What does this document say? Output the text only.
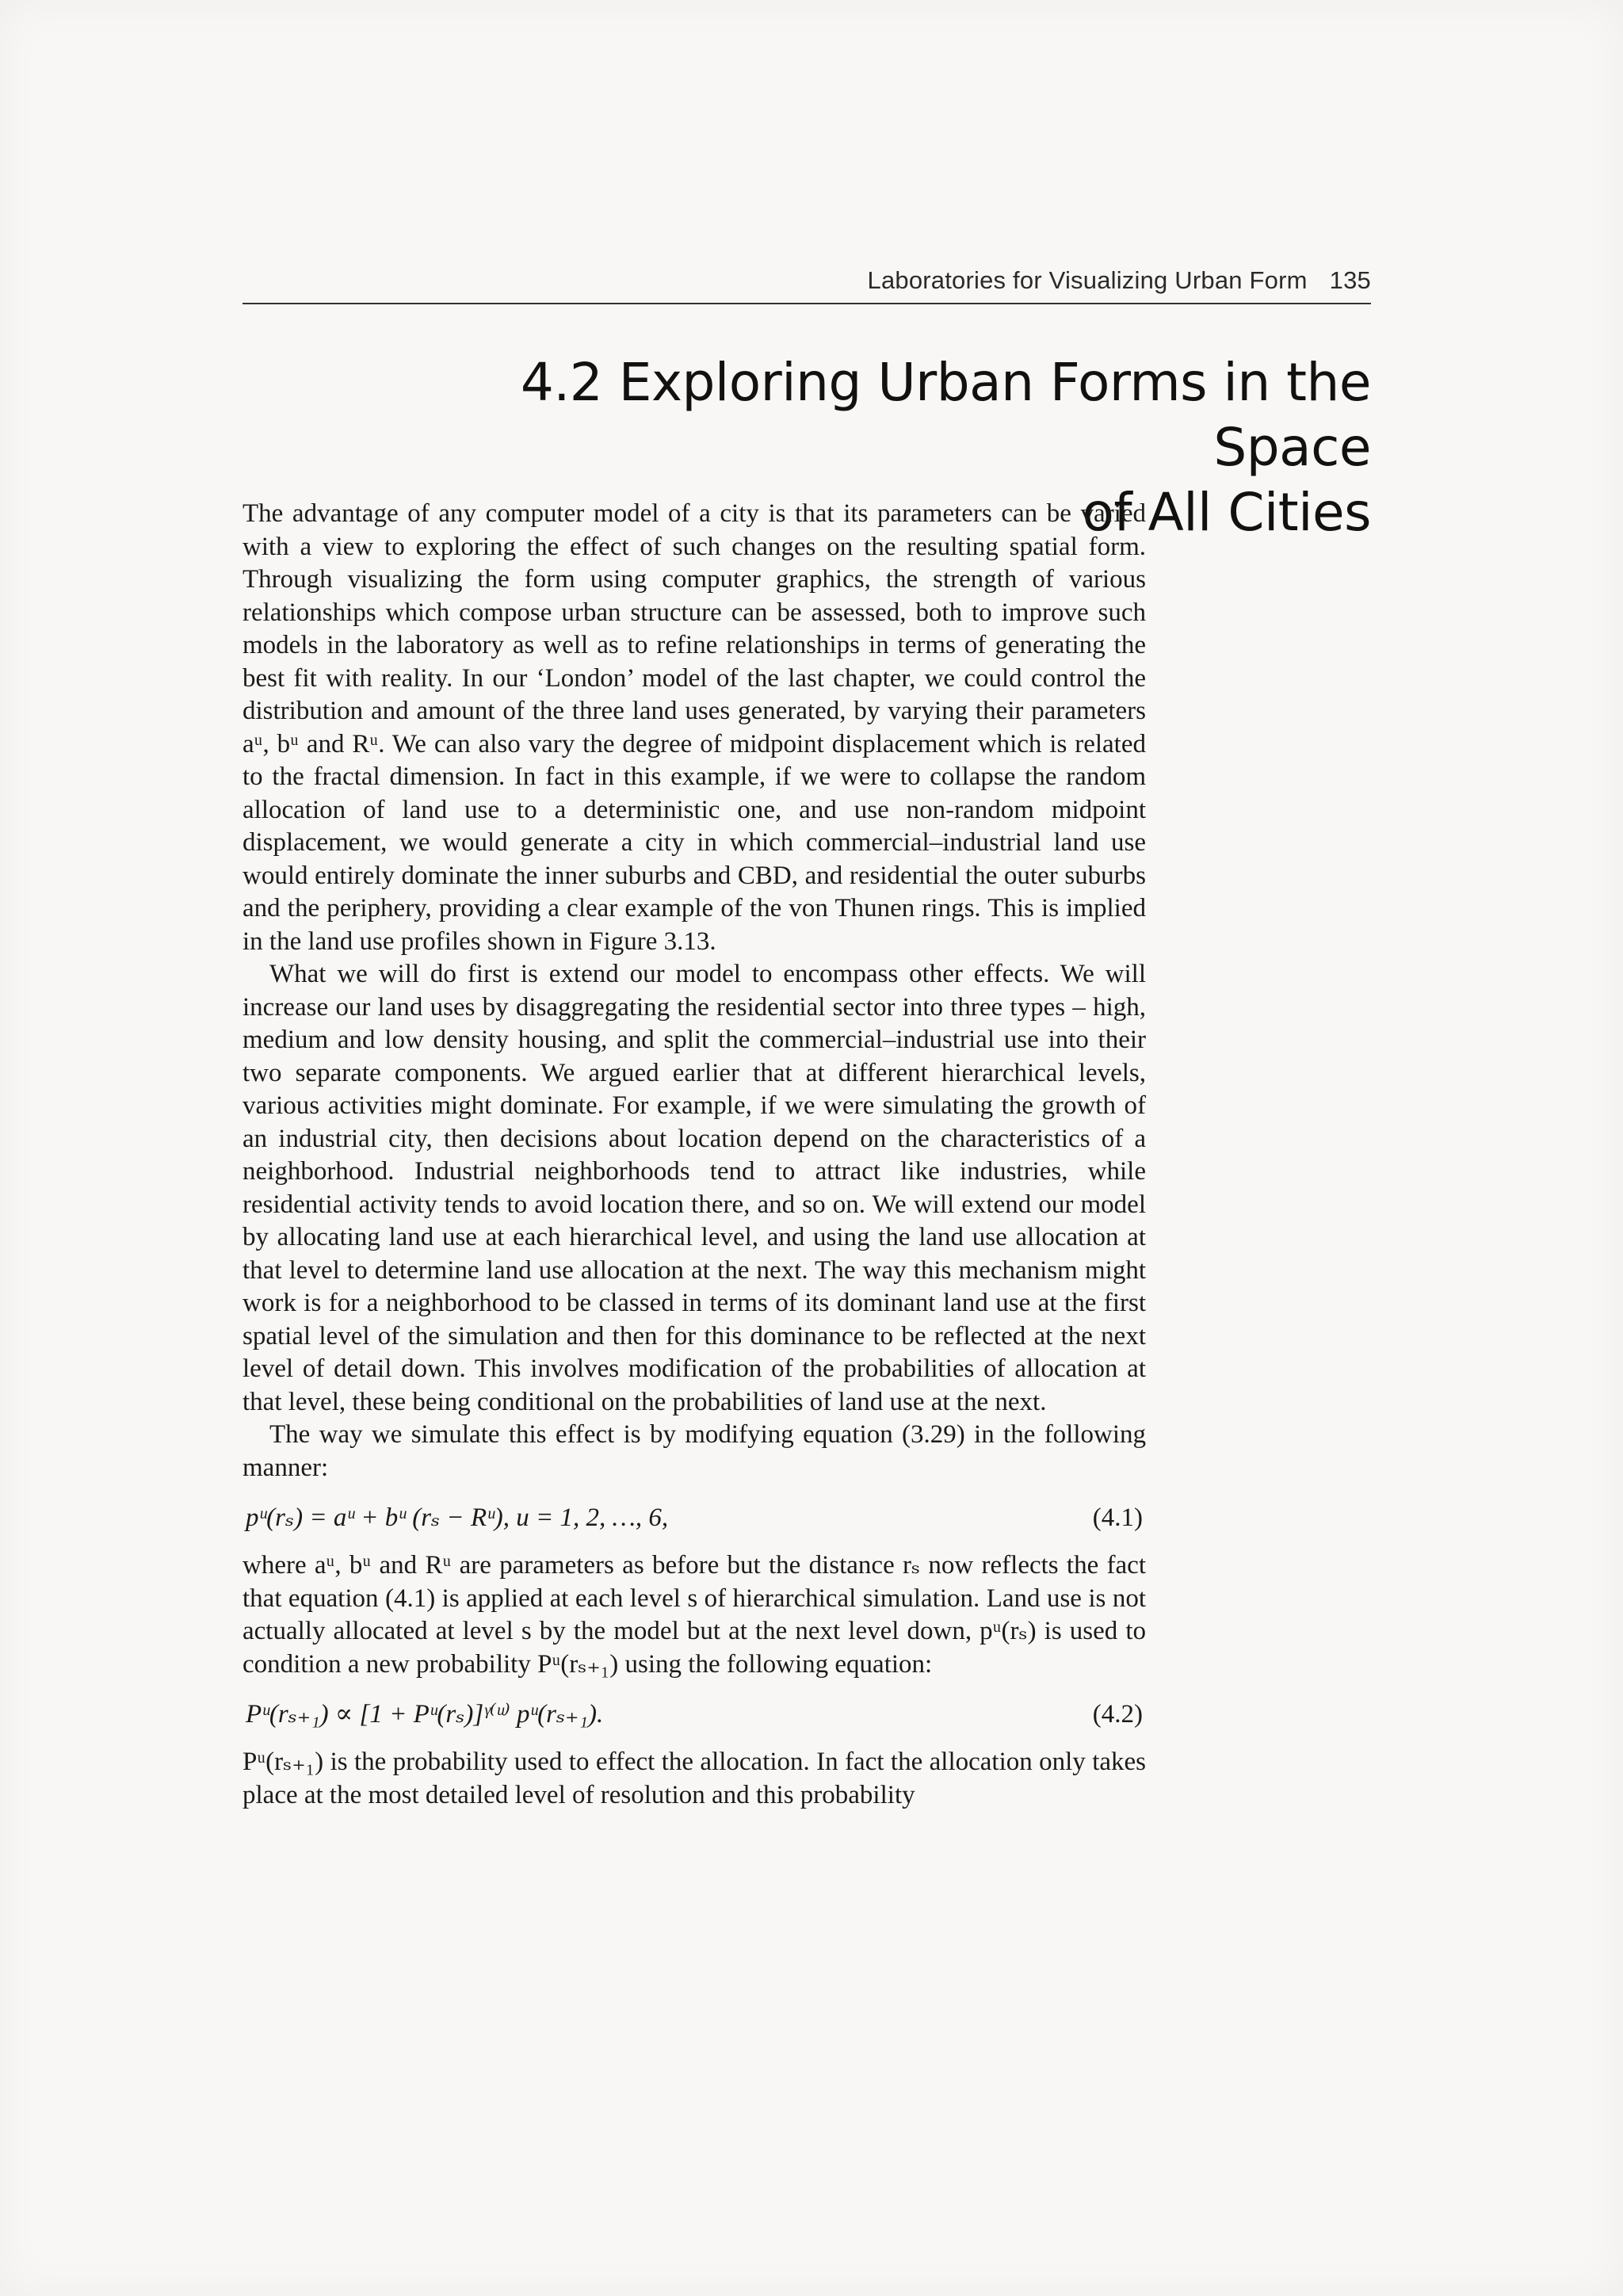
Laboratories for Visualizing Urban Form 135
4.2 Exploring Urban Forms in the Space
of All Cities

The advantage of any computer model of a city is that its parameters can be varied with a view to exploring the effect of such changes on the resulting spatial form. Through visualizing the form using computer graphics, the strength of various relationships which compose urban structure can be assessed, both to improve such models in the laboratory as well as to refine relationships in terms of generating the best fit with reality. In our ‘London’ model of the last chapter, we could control the distribution and amount of the three land uses generated, by varying their parameters aᵘ, bᵘ and Rᵘ. We can also vary the degree of midpoint displacement which is related to the fractal dimension. In fact in this example, if we were to collapse the random allocation of land use to a deterministic one, and use non-random midpoint displacement, we would generate a city in which commercial–industrial land use would entirely dominate the inner suburbs and CBD, and residential the outer suburbs and the periphery, providing a clear example of the von Thunen rings. This is implied in the land use profiles shown in Figure 3.13.

What we will do first is extend our model to encompass other effects. We will increase our land uses by disaggregating the residential sector into three types – high, medium and low density housing, and split the commercial–industrial use into their two separate components. We argued earlier that at different hierarchical levels, various activities might dominate. For example, if we were simulating the growth of an industrial city, then decisions about location depend on the characteristics of a neighborhood. Industrial neighborhoods tend to attract like industries, while residential activity tends to avoid location there, and so on. We will extend our model by allocating land use at each hierarchical level, and using the land use allocation at that level to determine land use allocation at the next. The way this mechanism might work is for a neighborhood to be classed in terms of its dominant land use at the first spatial level of the simulation and then for this dominance to be reflected at the next level of detail down. This involves modification of the probabilities of allocation at that level, these being conditional on the probabilities of land use at the next.

The way we simulate this effect is by modifying equation (3.29) in the following manner:

pᵘ(rₛ) = aᵘ + bᵘ (rₛ − Rᵘ), u = 1, 2, …, 6,	(4.1)

where aᵘ, bᵘ and Rᵘ are parameters as before but the distance rₛ now reflects the fact that equation (4.1) is applied at each level s of hierarchical simulation. Land use is not actually allocated at level s by the model but at the next level down, pᵘ(rₛ) is used to condition a new probability Pᵘ(rₛ₊₁) using the following equation:

Pᵘ(rₛ₊₁) ∝ [1 + Pᵘ(rₛ)]ᵞ⁽ᵘ⁾ pᵘ(rₛ₊₁).	(4.2)

Pᵘ(rₛ₊₁) is the probability used to effect the allocation. In fact the allocation only takes place at the most detailed level of resolution and this probability
